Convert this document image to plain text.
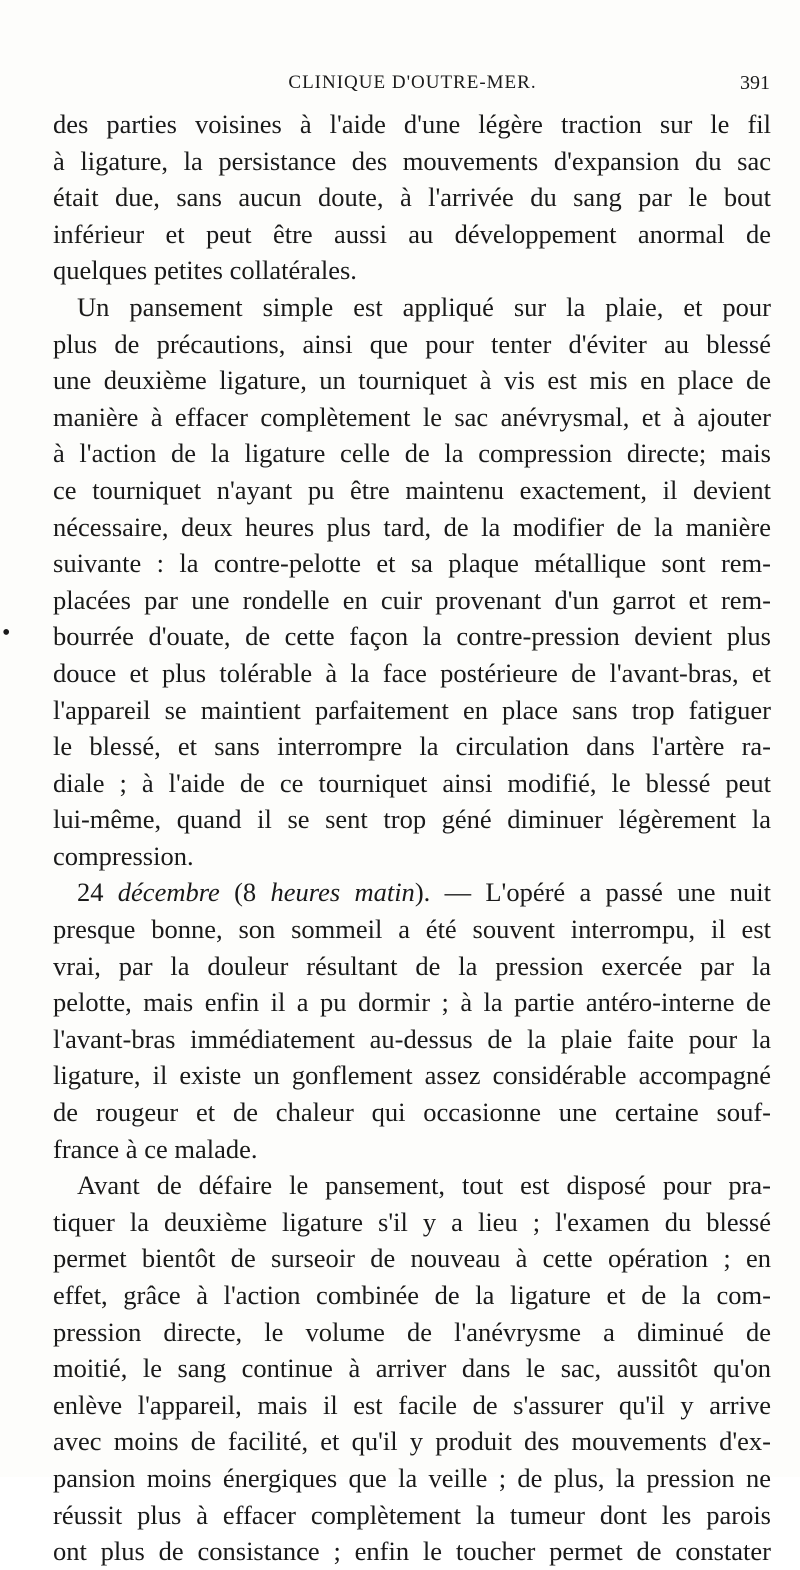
CLINIQUE D'OUTRE-MER.	391
•
des parties voisines à l'aide d'une légère traction sur le fil
à ligature, la persistance des mouvements d'expansion du sac
était due, sans aucun doute, à l'arrivée du sang par le bout
inférieur et peut être aussi au développement anormal de
quelques petites collatérales.
Un pansement simple est appliqué sur la plaie, et pour
plus de précautions, ainsi que pour tenter d'éviter au blessé
une deuxième ligature, un tourniquet à vis est mis en place de
manière à effacer complètement le sac anévrysmal, et à ajouter
à l'action de la ligature celle de la compression directe; mais
ce tourniquet n'ayant pu être maintenu exactement, il devient
nécessaire, deux heures plus tard, de la modifier de la manière
suivante : la contre-pelotte et sa plaque métallique sont rem-
placées par une rondelle en cuir provenant d'un garrot et rem-
bourrée d'ouate, de cette façon la contre-pression devient plus
douce et plus tolérable à la face postérieure de l'avant-bras, et
l'appareil se maintient parfaitement en place sans trop fatiguer
le blessé, et sans interrompre la circulation dans l'artère ra-
diale ; à l'aide de ce tourniquet ainsi modifié, le blessé peut
lui-même, quand il se sent trop géné diminuer légèrement la
compression.
24 décembre (8 heures matin). — L'opéré a passé une nuit
presque bonne, son sommeil a été souvent interrompu, il est
vrai, par la douleur résultant de la pression exercée par la
pelotte, mais enfin il a pu dormir ; à la partie antéro-interne de
l'avant-bras immédiatement au-dessus de la plaie faite pour la
ligature, il existe un gonflement assez considérable accompagné
de rougeur et de chaleur qui occasionne une certaine souf-
france à ce malade.
Avant de défaire le pansement, tout est disposé pour pra-
tiquer la deuxième ligature s'il y a lieu ; l'examen du blessé
permet bientôt de surseoir de nouveau à cette opération ; en
effet, grâce à l'action combinée de la ligature et de la com-
pression directe, le volume de l'anévrysme a diminué de
moitié, le sang continue à arriver dans le sac, aussitôt qu'on
enlève l'appareil, mais il est facile de s'assurer qu'il y arrive
avec moins de facilité, et qu'il y produit des mouvements d'ex-
pansion moins énergiques que la veille ; de plus, la pression ne
réussit plus à effacer complètement la tumeur dont les parois
ont plus de consistance ; enfin le toucher permet de constater
